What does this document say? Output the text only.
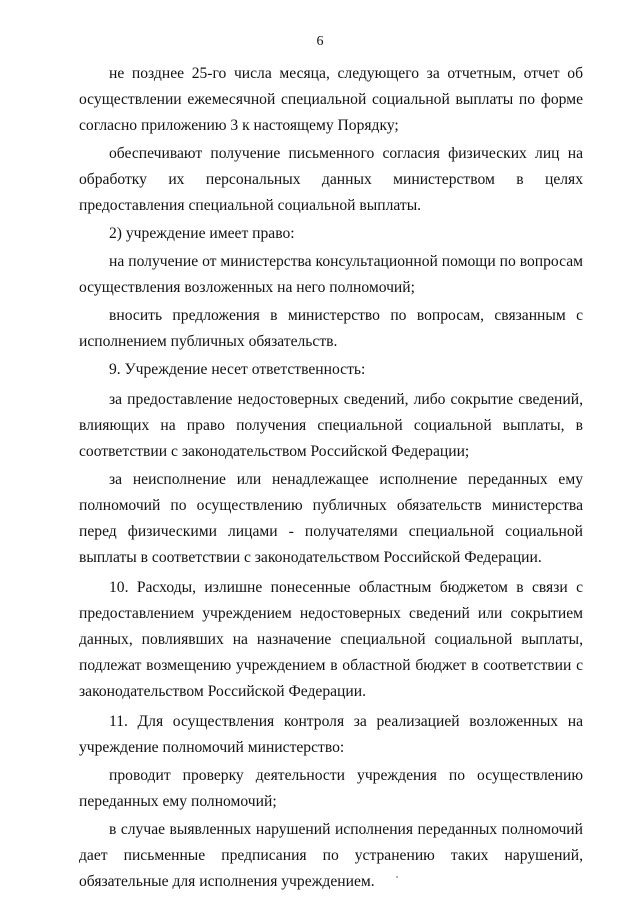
6

не позднее 25-го числа месяца, следующего за отчетным, отчет об осуществлении ежемесячной специальной социальной выплаты по форме согласно приложению 3 к настоящему Порядку;

обеспечивают получение письменного согласия физических лиц на обработку их персональных данных министерством в целях предоставления специальной социальной выплаты.

2) учреждение имеет право:

на получение от министерства консультационной помощи по вопросам осуществления возложенных на него полномочий;

вносить предложения в министерство по вопросам, связанным с исполнением публичных обязательств.

9. Учреждение несет ответственность:

за предоставление недостоверных сведений, либо сокрытие сведений, влияющих на право получения специальной социальной выплаты, в соответствии с законодательством Российской Федерации;

за неисполнение или ненадлежащее исполнение переданных ему полномочий по осуществлению публичных обязательств министерства перед физическими лицами - получателями специальной социальной выплаты в соответствии с законодательством Российской Федерации.

10. Расходы, излишне понесенные областным бюджетом в связи с предоставлением учреждением недостоверных сведений или сокрытием данных, повлиявших на назначение специальной социальной выплаты, подлежат возмещению учреждением в областной бюджет в соответствии с законодательством Российской Федерации.

11. Для осуществления контроля за реализацией возложенных на учреждение полномочий министерство:

проводит проверку деятельности учреждения по осуществлению переданных ему полномочий;

в случае выявленных нарушений исполнения переданных полномочий дает письменные предписания по устранению таких нарушений, обязательные для исполнения учреждением.
